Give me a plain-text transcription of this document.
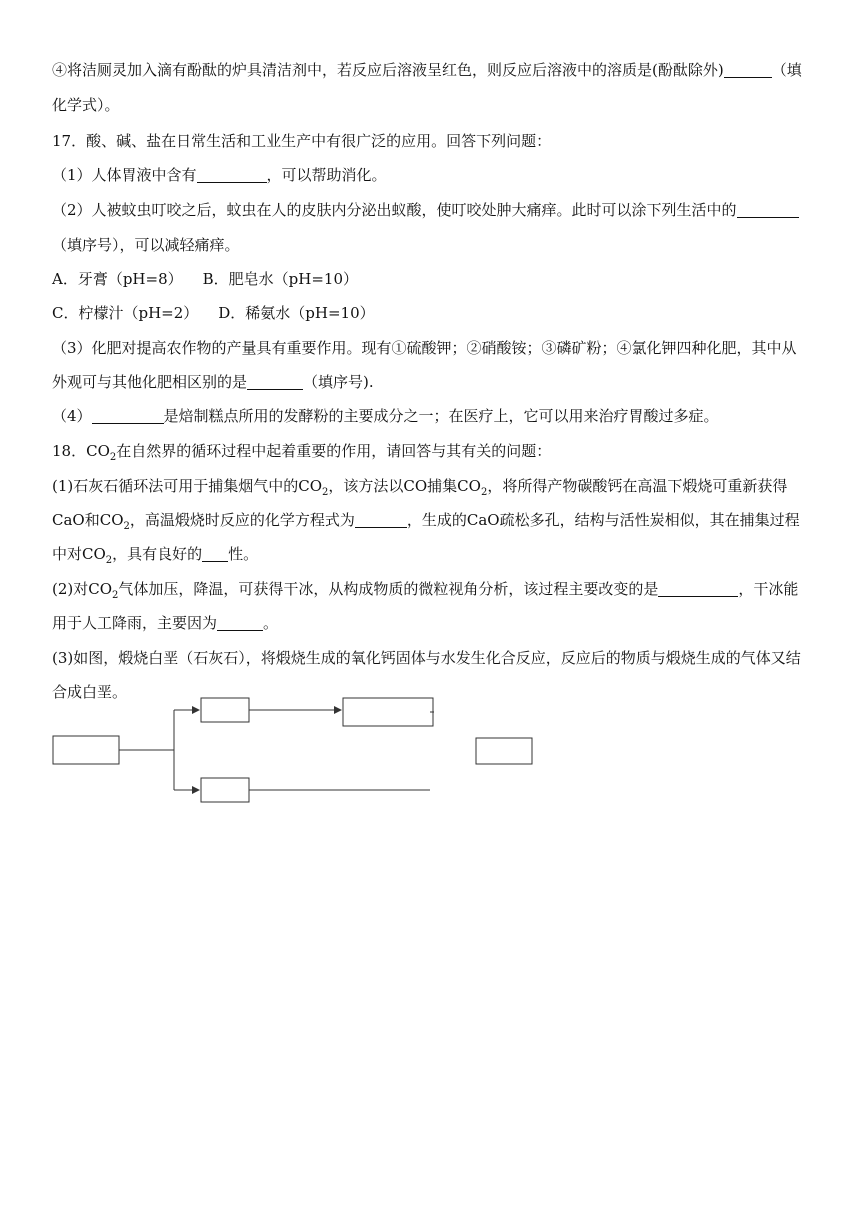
④将洁厕灵加入滴有酚酞的炉具清洁剂中，若反应后溶液呈红色，则反应后溶液中的溶质是(酚酞除外)	（填
化学式）。
17．酸、碱、盐在日常生活和工业生产中有很广泛的应用。回答下列问题：
（1）人体胃液中含有	，可以帮助消化。
（2）人被蚊虫叮咬之后，蚊虫在人的皮肤内分泌出蚁酸，使叮咬处肿大痛痒。此时可以涂下列生活中的
（填序号），可以减轻痛痒。
A．牙膏（pH=8） B．肥皂水（pH=10）
C．柠檬汁（pH=2） D．稀氨水（pH=10）
（3）化肥对提高农作物的产量具有重要作用。现有①硫酸钾；②硝酸铵；③磷矿粉；④氯化钾四种化肥，其中从
外观可与其他化肥相区别的是	（填序号).
（4）	是焙制糕点所用的发酵粉的主要成分之一；在医疗上，它可以用来治疗胃酸过多症。
18．$CO_2$在自然界的循环过程中起着重要的作用，请回答与其有关的问题：
(1)石灰石循环法可用于捕集烟气中的$CO_2$，该方法以CO捕集$CO_2$，将所得产物碳酸钙在高温下煅烧可重新获得
CaO和$CO_2$，高温煅烧时反应的化学方程式为	，生成的CaO疏松多孔，结构与活性炭相似，其在捕集过程
中对$CO_2$，具有良好的 性。
(2)对$CO_2$气体加压，降温，可获得干冰，从构成物质的微粒视角分析，该过程主要改变的是	，干冰能
用于人工降雨，主要因为	。
(3)如图，煅烧白垩（石灰石），将煅烧生成的氧化钙固体与水发生化合反应，反应后的物质与煅烧生成的气体又结
合成白垩。
